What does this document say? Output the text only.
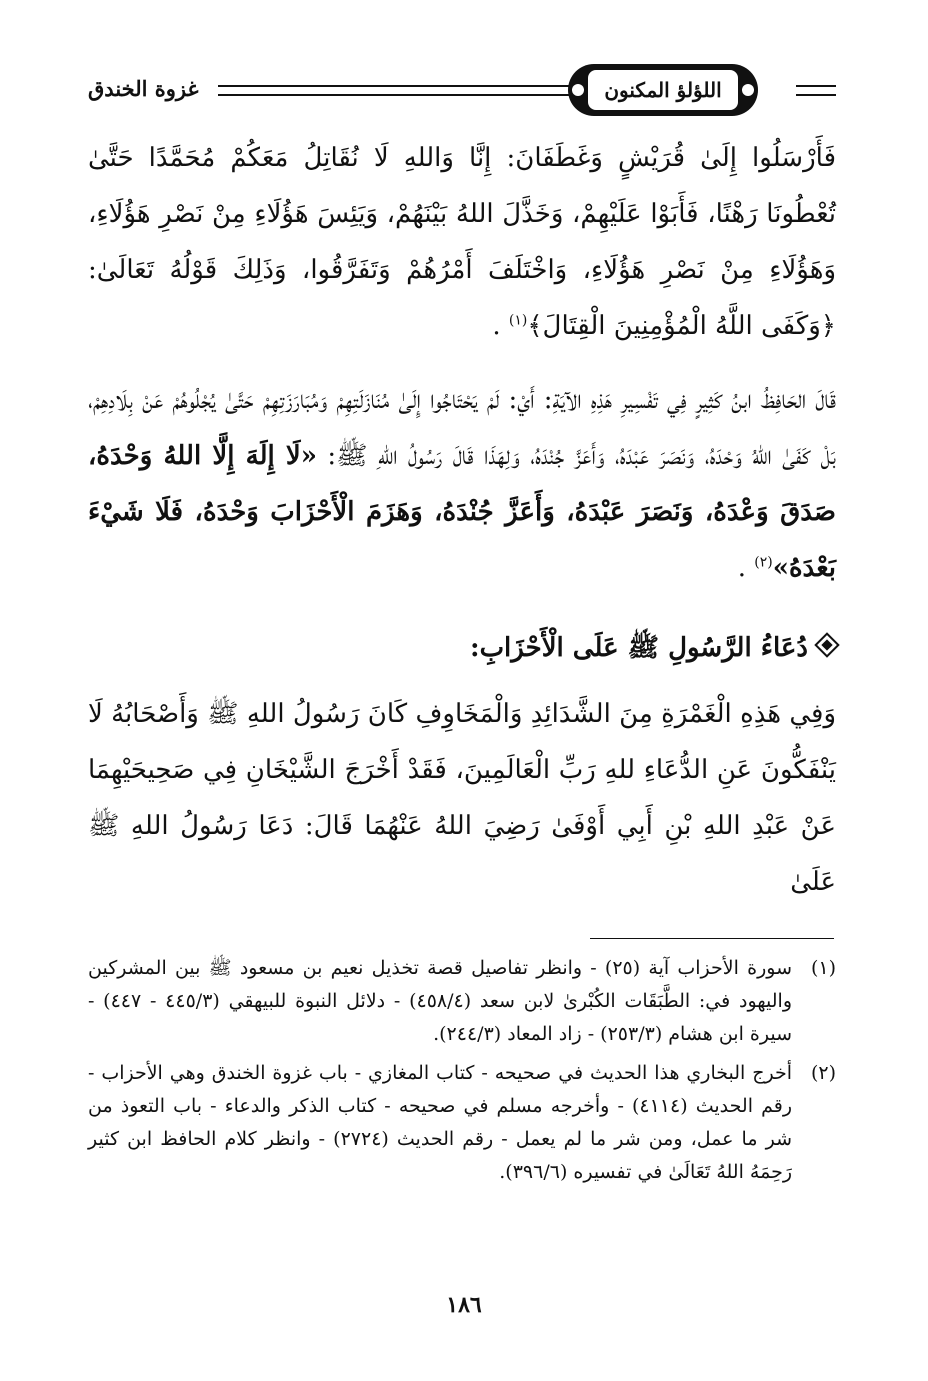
غزوة الخندق	اللؤلؤ المكنون

فَأَرْسَلُوا إِلَىٰ قُرَيْشٍ وَغَطَفَانَ: إِنَّا وَاللهِ لَا نُقَاتِلُ مَعَكُمْ مُحَمَّدًا حَتَّىٰ تُعْطُونَا رَهْنًا، فَأَبَوْا عَلَيْهِمْ، وَخَذَّلَ اللهُ بَيْنَهُمْ، وَيَئِسَ هَؤُلَاءِ مِنْ نَصْرِ هَؤُلَاءِ، وَهَؤُلَاءِ مِنْ نَصْرِ هَؤُلَاءِ، وَاخْتَلَفَ أَمْرُهُمْ وَتَفَرَّقُوا، وَذَلِكَ قَوْلُهُ تَعَالَىٰ: ﴿وَكَفَى اللَّهُ الْمُؤْمِنِينَ الْقِتَالَ﴾$^{(١)}$ .

قَالَ الحَافِظُ ابنُ كَثِيرٍ فِي تَفْسِيرِ هَذِهِ الآيَةِ: أَيْ: لَمْ يَحْتَاجُوا إِلَىٰ مُنَازَلَتِهِمْ وَمُبَارَزَتِهِمْ حَتَّىٰ يُجْلُوهُمْ عَنْ بِلَادِهِمْ، بَلْ كَفَىٰ اللهُ وَحْدَهُ، وَنَصَرَ عَبْدَهُ، وَأَعَزَّ جُنْدَهُ، وَلِهَذَا قَالَ رَسُولُ اللهِ ﷺ: «لَا إِلَهَ إِلَّا اللهُ وَحْدَهُ، صَدَقَ وَعْدَهُ، وَنَصَرَ عَبْدَهُ، وَأَعَزَّ جُنْدَهُ، وَهَزَمَ الْأَحْزَابَ وَحْدَهُ، فَلَا شَيْءَ بَعْدَهُ»$^{(٢)}$ .

دُعَاءُ الرَّسُولِ ﷺ عَلَى الْأَحْزَابِ:

وَفِي هَذِهِ الْغَمْرَةِ مِنَ الشَّدَائِدِ وَالْمَخَاوِفِ كَانَ رَسُولُ اللهِ ﷺ وَأَصْحَابُهُ لَا يَنْفَكُّونَ عَنِ الدُّعَاءِ للهِ رَبِّ الْعَالَمِينَ، فَقَدْ أَخْرَجَ الشَّيْخَانِ فِي صَحِيحَيْهِمَا عَنْ عَبْدِ اللهِ بْنِ أَبِي أَوْفَىٰ رَضِيَ اللهُ عَنْهُمَا قَالَ: دَعَا رَسُولُ اللهِ ﷺ عَلَىٰ

(١)
سورة الأحزاب آية (٢٥) - وانظر تفاصيل قصة تخذيل نعيم بن مسعود ﷺ بين المشركين واليهود في: الطَّبَقَات الكُبْرىٰ لابن سعد (٤٥٨/٤) - دلائل النبوة للبيهقي (٤٤٥/٣ - ٤٤٧) - سيرة ابن هشام (٢٥٣/٣) - زاد المعاد (٢٤٤/٣).
(٢)
أخرج البخاري هذا الحديث في صحيحه - كتاب المغازي - باب غزوة الخندق وهي الأحزاب - رقم الحديث (٤١١٤) - وأخرجه مسلم في صحيحه - كتاب الذكر والدعاء - باب التعوذ من شر ما عمل، ومن شر ما لم يعمل - رقم الحديث (٢٧٢٤) - وانظر كلام الحافظ ابن كثير رَحِمَهُ اللهُ تَعَالَىٰ في تفسيره (٣٩٦/٦).
١٨٦
